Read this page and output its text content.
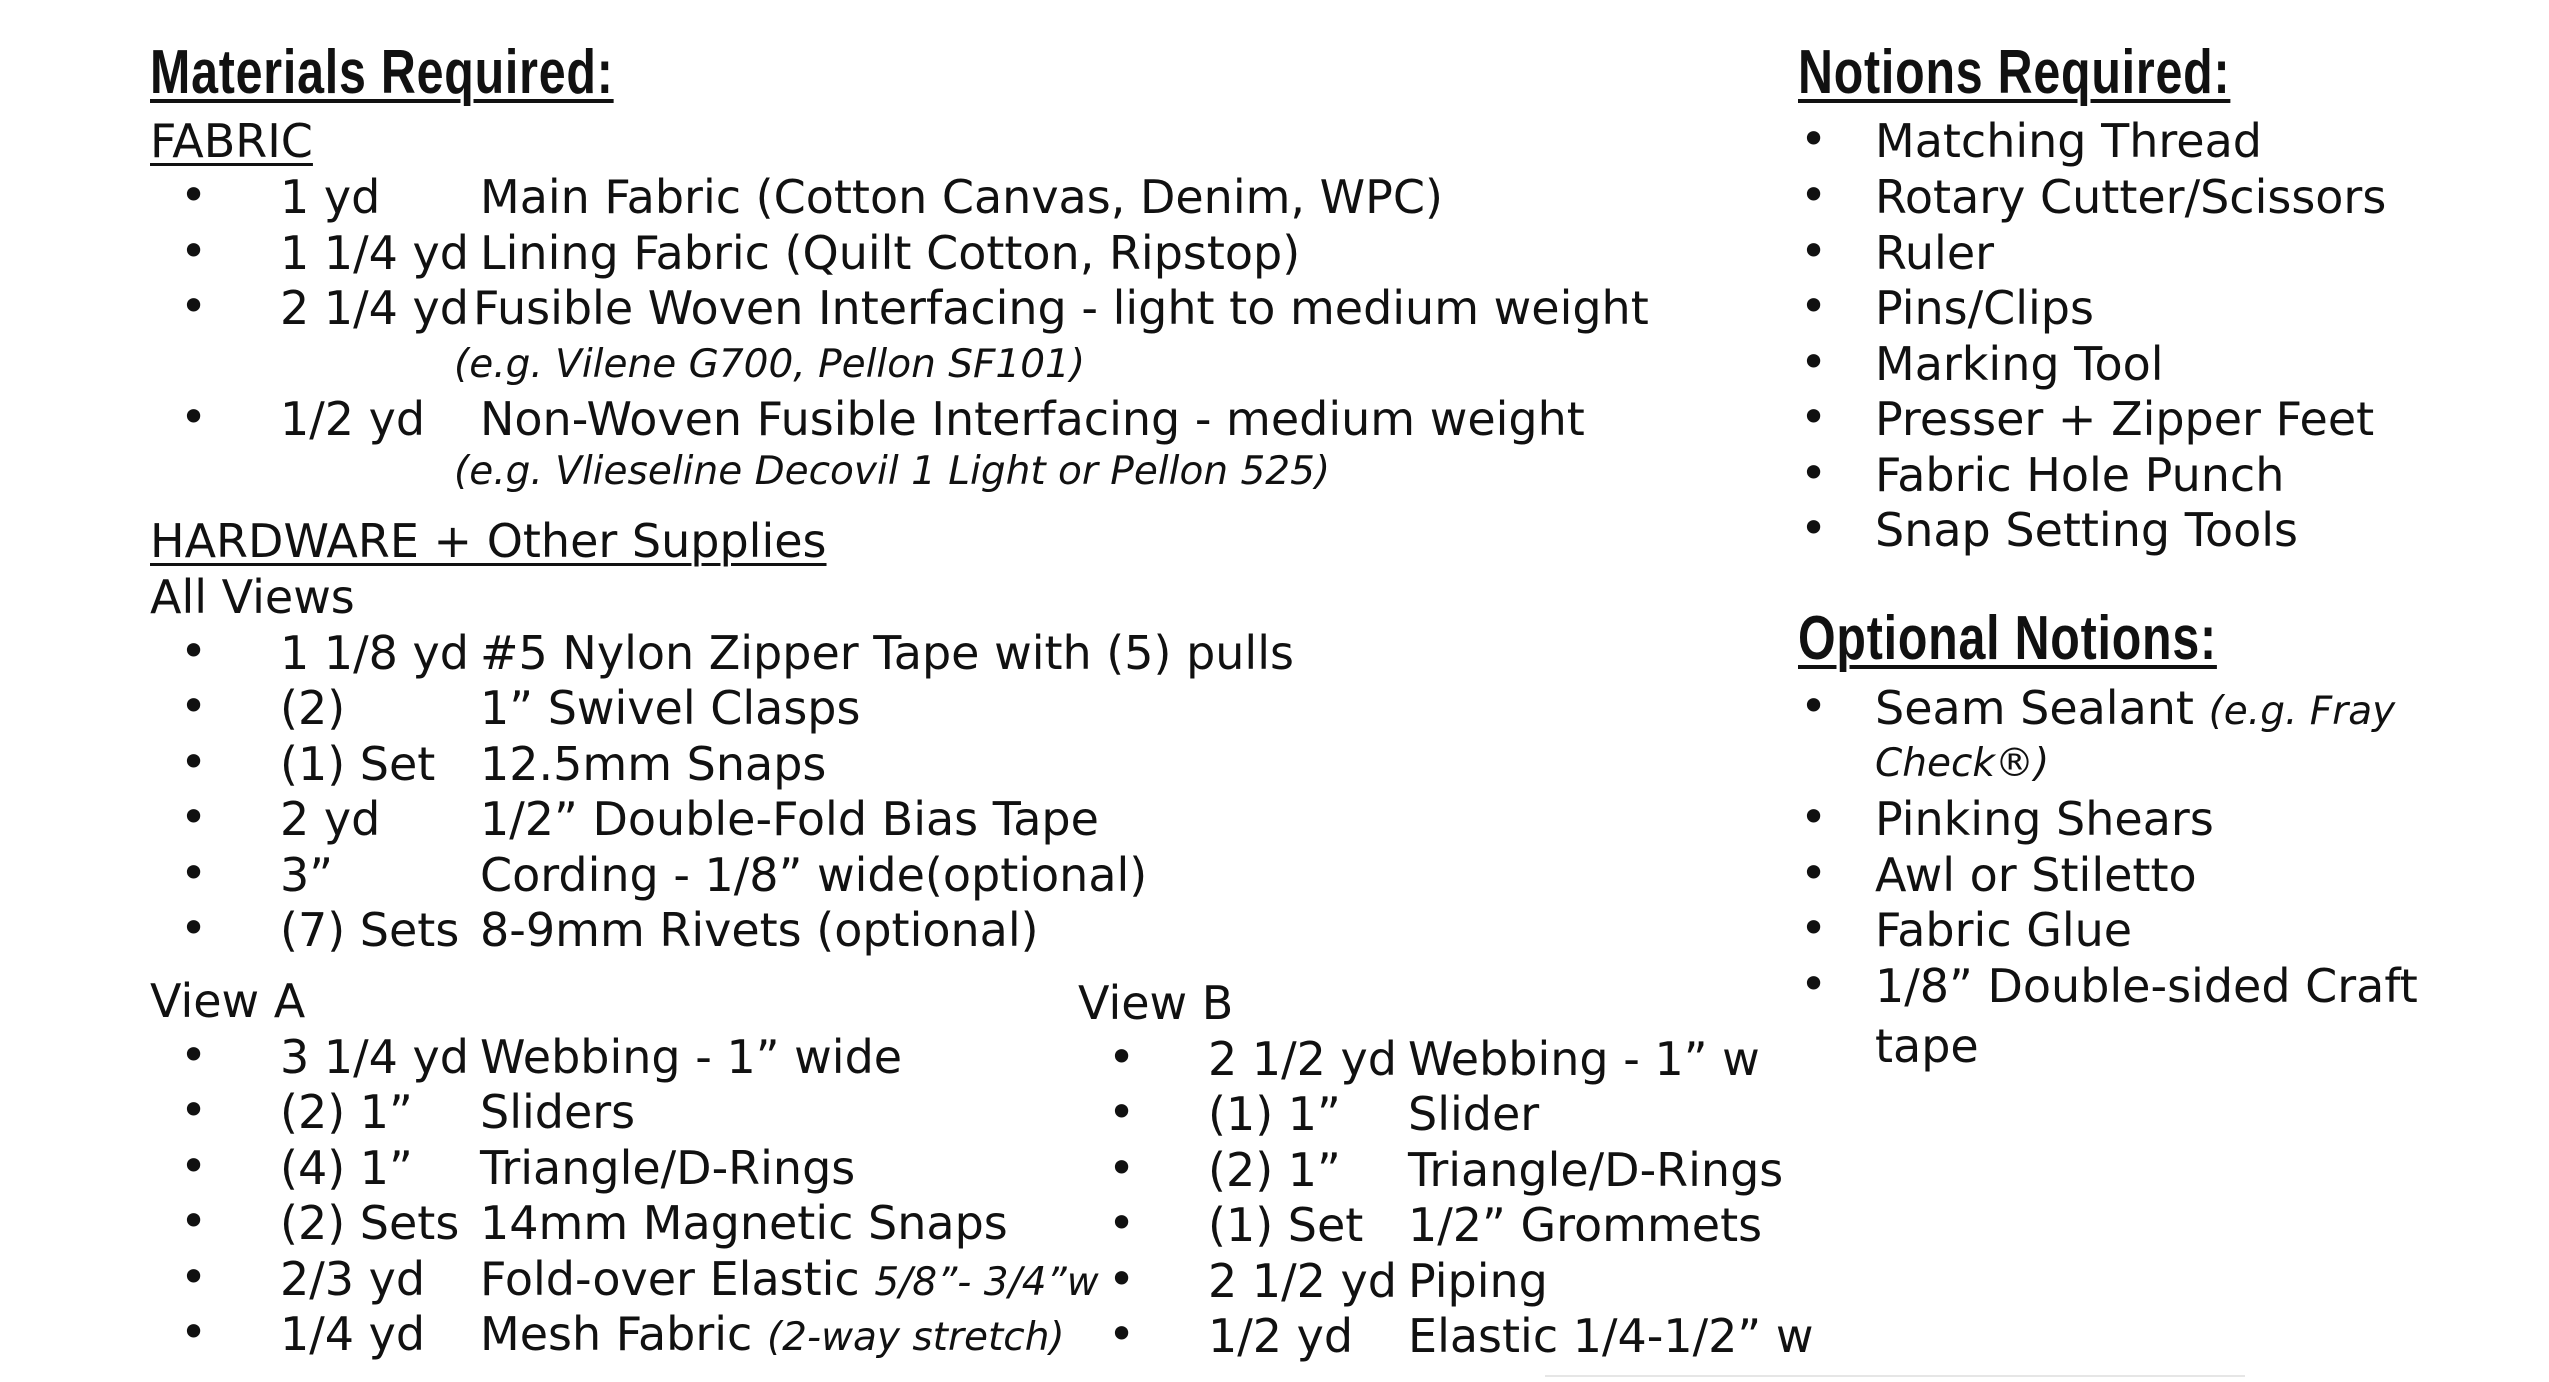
Materials Required:
FABRIC
• 1 yd Main Fabric (Cotton Canvas, Denim, WPC)
• 1 1/4 yd Lining Fabric (Quilt Cotton, Ripstop)
• 2 1/4 yd Fusible Woven Interfacing - light to medium weight
(e.g. Vilene G700, Pellon SF101)
• 1/2 yd Non-Woven Fusible Interfacing - medium weight
(e.g. Vlieseline Decovil 1 Light or Pellon 525)
HARDWARE + Other Supplies
All Views
• 1 1/8 yd #5 Nylon Zipper Tape with (5) pulls
• (2)	1” Swivel Clasps
• (1) Set 12.5mm Snaps
• 2 yd 1/2” Double-Fold Bias Tape
• 3”	Cording - 1/8” wide(optional)
• (7) Sets 8-9mm Rivets (optional)
View A
• 3 1/4 yd Webbing - 1” wide
• (2) 1” Sliders
• (4) 1” Triangle/D-Rings
• (2) Sets 14mm Magnetic Snaps
• 2/3 yd Fold-over Elastic 5/8”- 3/4”w
• 1/4 yd Mesh Fabric (2-way stretch)
View B
• 2 1/2 yd Webbing - 1” w
• (1) 1” Slider
• (2) 1” Triangle/D-Rings
• (1) Set 1/2” Grommets
• 2 1/2 yd Piping
• 1/2 yd Elastic 1/4-1/2” w
Notions Required:
• Matching Thread
• Rotary Cutter/Scissors
• Ruler
• Pins/Clips
• Marking Tool
• Presser + Zipper Feet
• Fabric Hole Punch
• Snap Setting Tools
Optional Notions:
• Seam Sealant (e.g. Fray
Check®)
• Pinking Shears
• Awl or Stiletto
• Fabric Glue
• 1/8” Double-sided Craft
tape
